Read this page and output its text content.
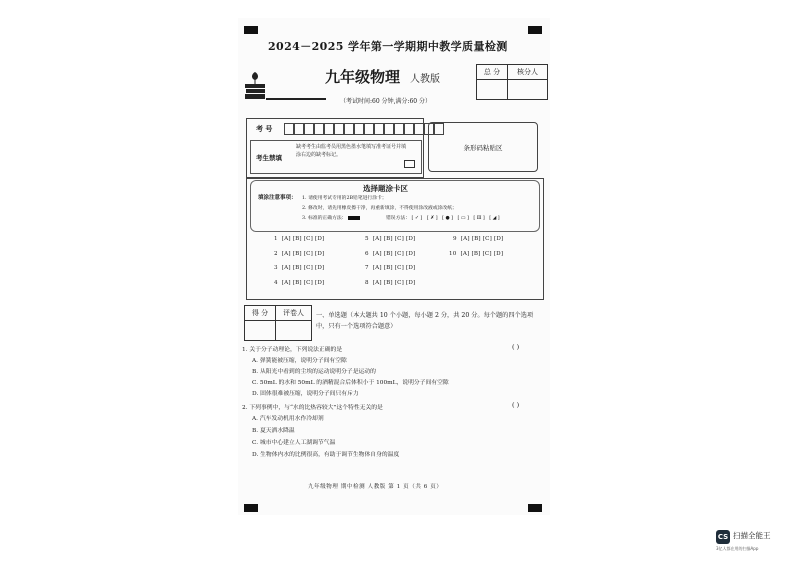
2024－2025 学年第一学期期中教学质量检测
九年级物理 人教版
（考试时间:60 分钟,满分:60 分）
总 分	核分人
考 号
考生禁填
缺考考生由监考员用黑色墨水笔填写准考证号并填涂右边的缺考标记。
条形码粘贴区
选择题涂卡区
填涂注意事项： 1. 请使用考试专用的2B铅笔进行涂卡；
2. 修改时，请先用橡皮擦干净，再重新填涂，不得使用涂改液或涂改纸；
3. 标准的正确方法：	错误方法： [✓] [✗] [●] [▭] [Ⅲ] [◢]
1 [A] [B] [C] [D]
2 [A] [B] [C] [D]
3 [A] [B] [C] [D]
4 [A] [B] [C] [D]
5 [A] [B] [C] [D]
6 [A] [B] [C] [D]
7 [A] [B] [C] [D]
8 [A] [B] [C] [D]
9 [A] [B] [C] [D]
10 [A] [B] [C] [D]
得 分	评卷人	一、单选题（本大题共 10 个小题，每小题 2 分，共 20 分。每个题的四个选项中，只有一个选项符合题意）
1. 关于分子动理论，下列说法正确的是	( )
A. 弹簧能被压缩，说明分子间有空隙
B. 从阳光中看到的尘埃的运动说明分子是运动的
C. 50mL 的水和 50mL 的酒精混合后体积小于 100mL，说明分子间有空隙
D. 固体很难被压缩，说明分子间只有斥力
2. 下列事例中，与“水的比热容较大”这个特性无关的是	( )
A. 汽车发动机用水作冷却剂
B. 夏天洒水降温
C. 城市中心建立人工湖调节气温
D. 生物体内水的比例很高，有助于调节生物体自身的温度
九年级物理 期中检测 人教版 第 1 页（共 6 页）
CS 扫描全能王
3亿人都在用的扫描App
